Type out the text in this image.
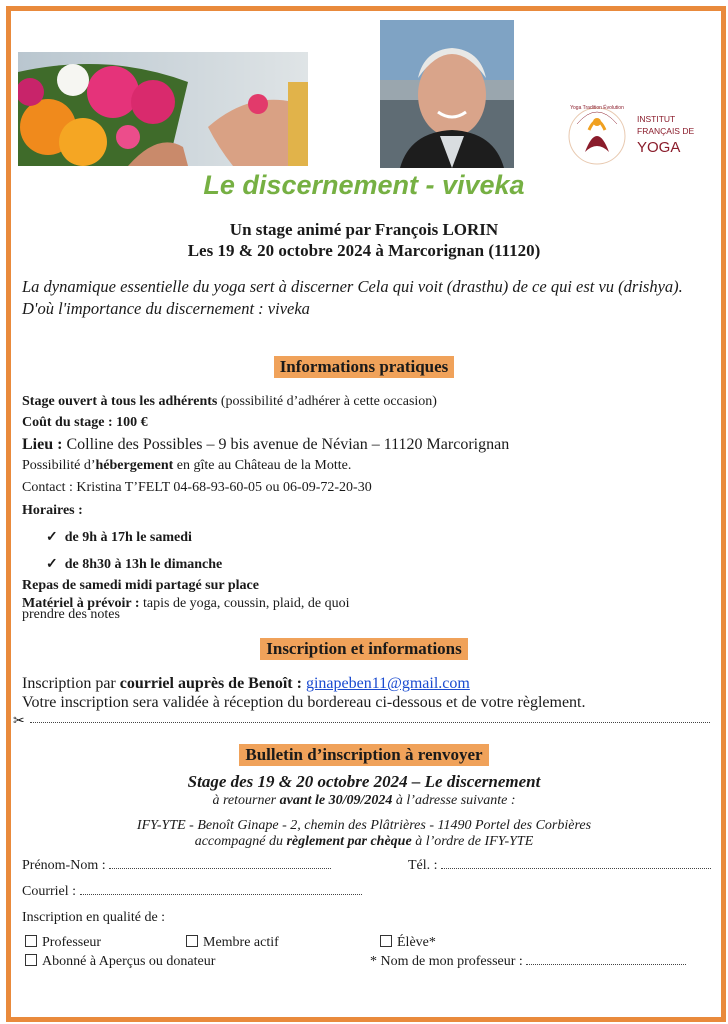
Yoga Tradition Évolution
INSTITUT
FRANÇAIS DE
YOGA
Le discernement - viveka
Un stage animé par François LORIN
Les 19 & 20 octobre 2024 à Marcorignan (11120)
La dynamique essentielle du yoga sert à discerner Cela qui voit (drasthu) de ce qui est vu (drishya). D'où l'importance du discernement : viveka
Informations pratiques
Stage ouvert à tous les adhérents (possibilité d’adhérer à cette occasion)
Coût du stage : 100 €
Lieu : Colline des Possibles – 9 bis avenue de Névian – 11120 Marcorignan
Possibilité d’hébergement en gîte au Château de la Motte.
Contact : Kristina T’FELT 04-68-93-60-05 ou 06-09-72-20-30
Horaires :
✓ de 9h à 17h le samedi
✓ de 8h30 à 13h le dimanche
Repas de samedi midi partagé sur place
Matériel à prévoir : tapis de yoga, coussin, plaid, de quoi
prendre des notes
Inscription et informations
Inscription par courriel auprès de Benoît : ginapeben11@gmail.com
Votre inscription sera validée à réception du bordereau ci-dessous et de votre règlement.
✂
Bulletin d’inscription à renvoyer
Stage des 19 & 20 octobre 2024 – Le discernement
à retourner avant le 30/09/2024 à l’adresse suivante :
IFY-YTE - Benoît Ginape - 2, chemin des Plâtrières - 11490 Portel des Corbières
accompagné du règlement par chèque à l’ordre de IFY-YTE
Prénom-Nom :	Tél. :
Courriel :
Inscription en qualité de :
Professeur	Membre actif	Élève*
Abonné à Aperçus ou donateur	* Nom de mon professeur :
